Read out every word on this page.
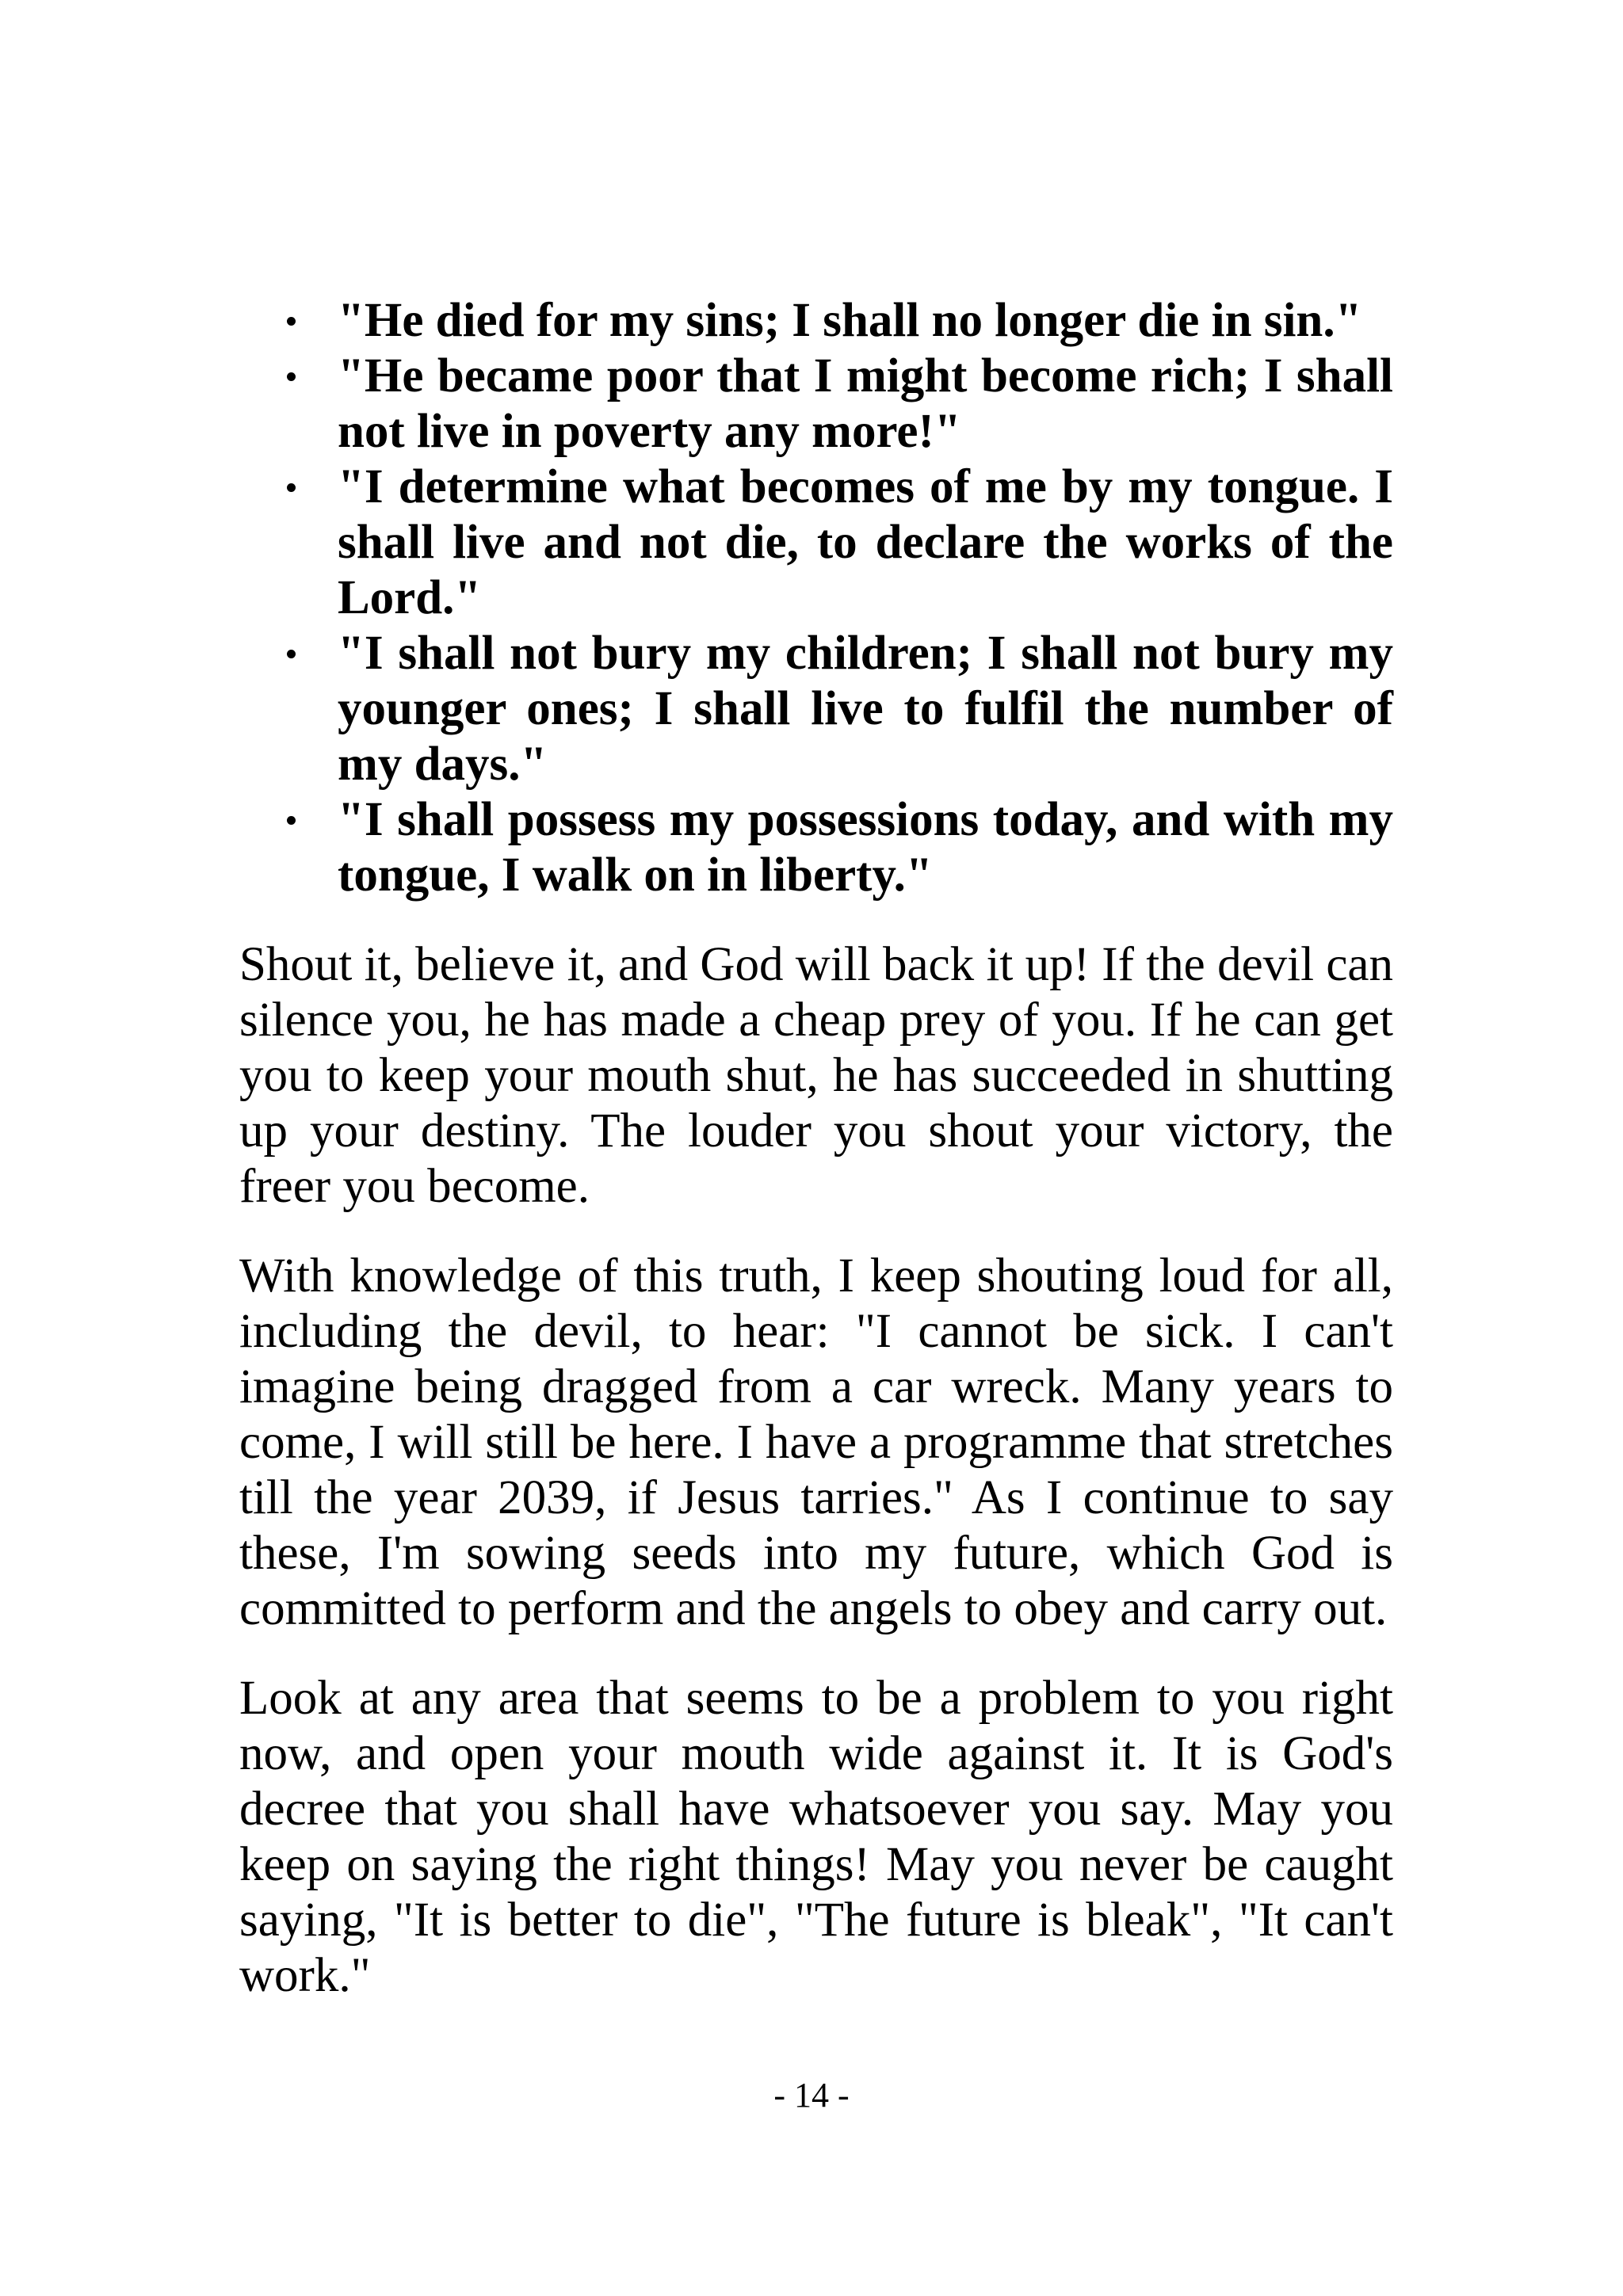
"He died for my sins; I shall no longer die in sin."
"He became poor that I might become rich; I shall not live in poverty any more!"
"I determine what becomes of me by my tongue. I shall live and not die, to declare the works of the Lord."
"I shall not bury my children; I shall not bury my younger ones; I shall live to fulfil the number of my days."
"I shall possess my possessions today, and with my tongue, I walk on in liberty."

Shout it, believe it, and God will back it up! If the devil can silence you, he has made a cheap prey of you. If he can get you to keep your mouth shut, he has succeeded in shutting up your destiny. The louder you shout your victory, the freer you become.

With knowledge of this truth, I keep shouting loud for all, including the devil, to hear: "I cannot be sick. I can't imagine being dragged from a car wreck. Many years to come, I will still be here. I have a programme that stretches till the year 2039, if Jesus tarries." As I continue to say these, I'm sowing seeds into my future, which God is committed to perform and the angels to obey and carry out.

Look at any area that seems to be a problem to you right now, and open your mouth wide against it. It is God's decree that you shall have whatsoever you say. May you keep on saying the right things! May you never be caught saying, "It is better to die", "The future is bleak", "It can't work."

- 14 -
